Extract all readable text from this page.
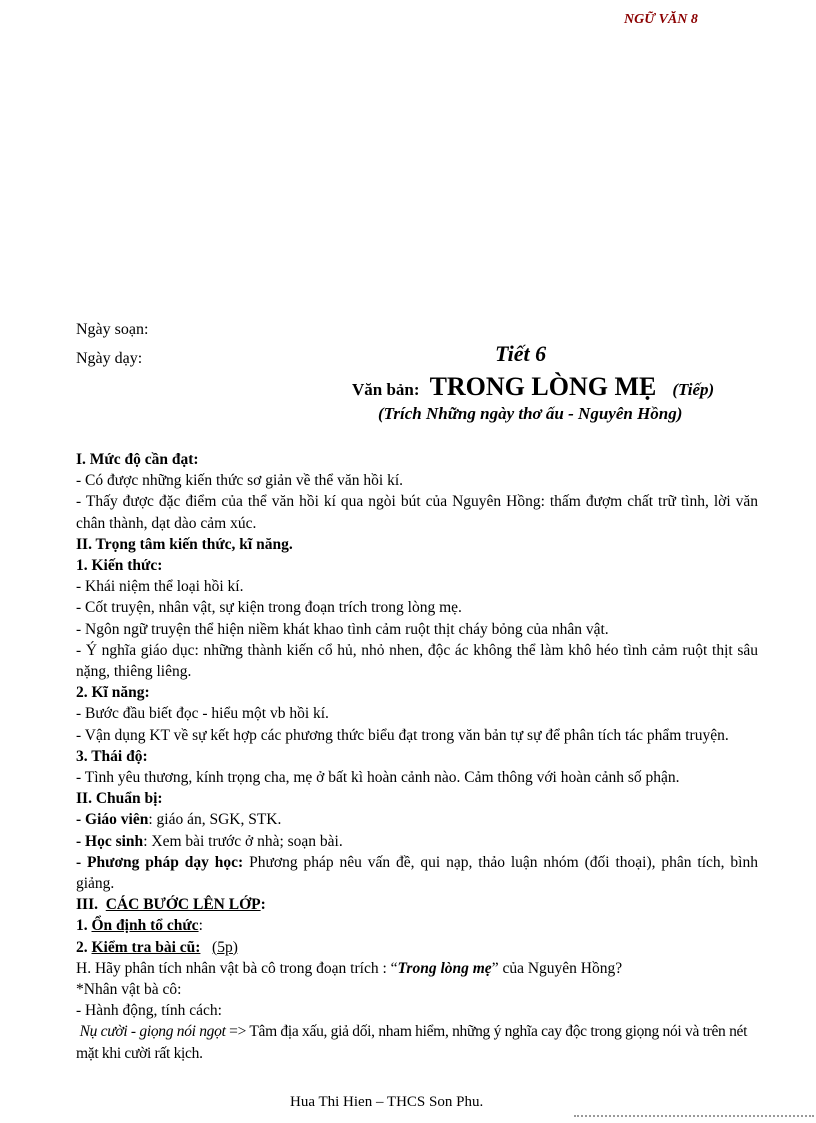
NGỮ VĂN 8
Ngày soạn:
Ngày dạy:	Tiết 6
Văn bản: TRONG LÒNG MẸ (Tiếp)
(Trích Những ngày thơ ấu - Nguyên Hồng)

I. Mức độ cần đạt:

- Có được những kiến thức sơ giản về thể văn hồi kí.

- Thấy được đặc điểm của thể văn hồi kí qua ngòi bút của Nguyên Hồng: thấm đượm chất trữ tình, lời văn chân thành, dạt dào cảm xúc.

II. Trọng tâm kiến thức, kĩ năng.

1. Kiến thức:

- Khái niệm thể loại hồi kí.

- Cốt truyện, nhân vật, sự kiện trong đoạn trích trong lòng mẹ.

- Ngôn ngữ truyện thể hiện niềm khát khao tình cảm ruột thịt cháy bỏng của nhân vật.

- Ý nghĩa giáo dục: những thành kiến cổ hủ, nhỏ nhen, độc ác không thể làm khô héo tình cảm ruột thịt sâu nặng, thiêng liêng.

2. Kĩ năng:

- Bước đầu biết đọc - hiểu một vb hồi kí.

- Vận dụng KT về sự kết hợp các phương thức biểu đạt trong văn bản tự sự để phân tích tác phẩm truyện.

3. Thái độ:

- Tình yêu thương, kính trọng cha, mẹ ở bất kì hoàn cảnh nào. Cảm thông với hoàn cảnh số phận.

II. Chuẩn bị:

- Giáo viên: giáo án, SGK, STK.

- Học sinh: Xem bài trước ở nhà; soạn bài.

- Phương pháp dạy học: Phương pháp nêu vấn đề, qui nạp, thảo luận nhóm (đối thoại), phân tích, bình giảng.

III. CÁC BƯỚC LÊN LỚP:

1. Ổn định tổ chức:

2. Kiểm tra bài cũ: (5p)

H. Hãy phân tích nhân vật bà cô trong đoạn trích : “Trong lòng mẹ” của Nguyên Hồng?

*Nhân vật bà cô:

- Hành động, tính cách:

Nụ cười - giọng nói ngọt => Tâm địa xấu, giả dối, nham hiểm, những ý nghĩa cay độc trong giọng nói và trên nét mặt khi cười rất kịch.

Hua Thi Hien – THCS Son Phu.
